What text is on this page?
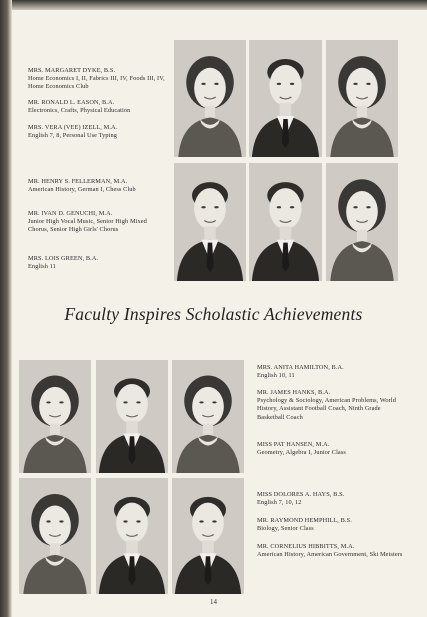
MRS. MARGARET DYKE, B.S.

Home Economics I, II, Fabrics III, IV, Foods III, IV, Home Economics Club

MR. RONALD L. EASON, B.A.

Electronics, Crafts, Physical Education

MRS. VERA (VEE) IZELL, M.A.

English 7, 8, Personal Use Typing

MR. HENRY S. FELLERMAN, M.A.

American History, German I, Chess Club

MR. IVAN D. GENUCHI, M.A.

Junior High Vocal Music, Senior High Mixed Chorus, Senior High Girls' Chorus

MRS. LOIS GREEN, B.A.

English 11

Faculty Inspires Scholastic Achievements

MRS. ANITA HAMILTON, B.A.

English 10, 11

MR. JAMES HANKS, B.A.

Psychology & Sociology, American Problems, World History, Assistant Football Coach, Ninth Grade Basketball Coach

MISS PAT HANSEN, M.A.

Geometry, Algebra I, Junior Class

MISS DOLORES A. HAYS, B.S.

English 7, 10, 12

MR. RAYMOND HEMPHILL, B.S.

Biology, Senior Class

MR. CORNELIUS HIBBITTS, M.A.

American History, American Government, Ski Meisters

14
